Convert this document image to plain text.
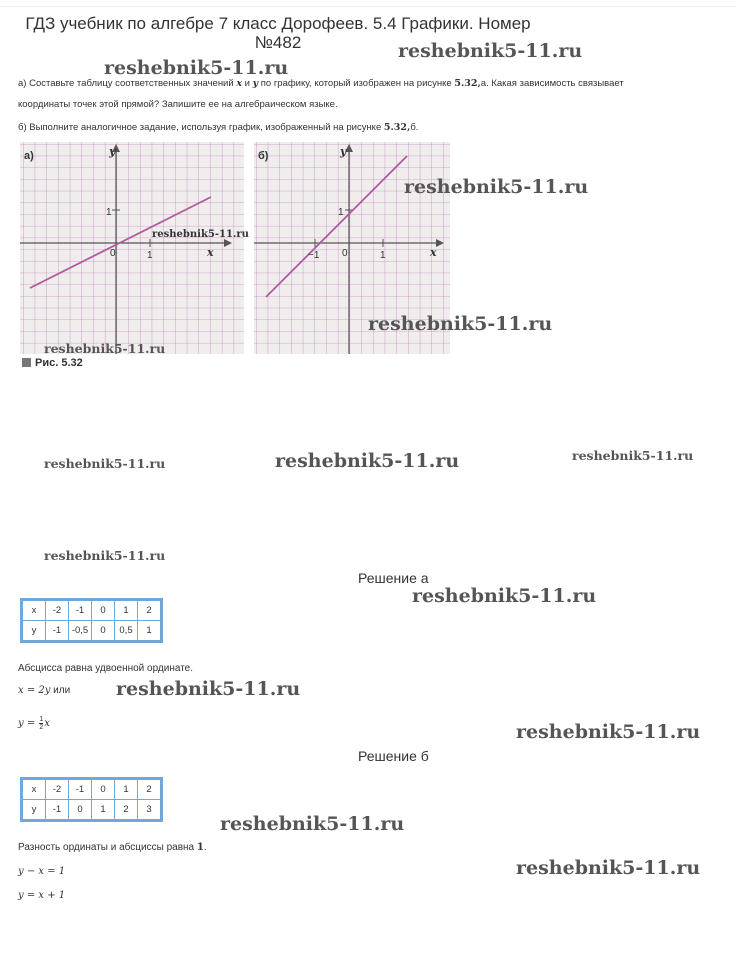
ГДЗ учебник по алгебре 7 класс Дорофеев. 5.4 Графики. Номер №482	reshebnik5-11.ru
reshebnik5-11.ru
а) Составьте таблицу соответственных значений x и y по графику, который изображен на рисунке 5.32,а. Какая зависимость связывает
координаты точек этой прямой? Запишите ее на алгебраическом языке.
б) Выполните аналогичное задание, используя график, изображенный на рисунке 5.32,б.
а)	y
x
1
0	1
reshebnik5-11.ru
б)	y
x
1
0	1
−1
reshebnik5-11.ru
reshebnik5-11.ru
reshebnik5-11.ru
Рис. 5.32
reshebnik5-11.ru	reshebnik5-11.ru	reshebnik5-11.ru
reshebnik5-11.ru
Решение а
reshebnik5-11.ru
x	-2	-1	0	1	2
y	-1	-0,5	0	0,5	1
Абсцисса равна удвоенной ординате.
x = 2y или reshebnik5-11.ru
$y = \frac{1}{2}$ x	reshebnik5-11.ru
Решение б
x	-2	-1	0	1	2
y	-1	0	1	2	3
reshebnik5-11.ru
Разность ординаты и абсциссы равна 1.
y − x = 1	reshebnik5-11.ru
y = x + 1
